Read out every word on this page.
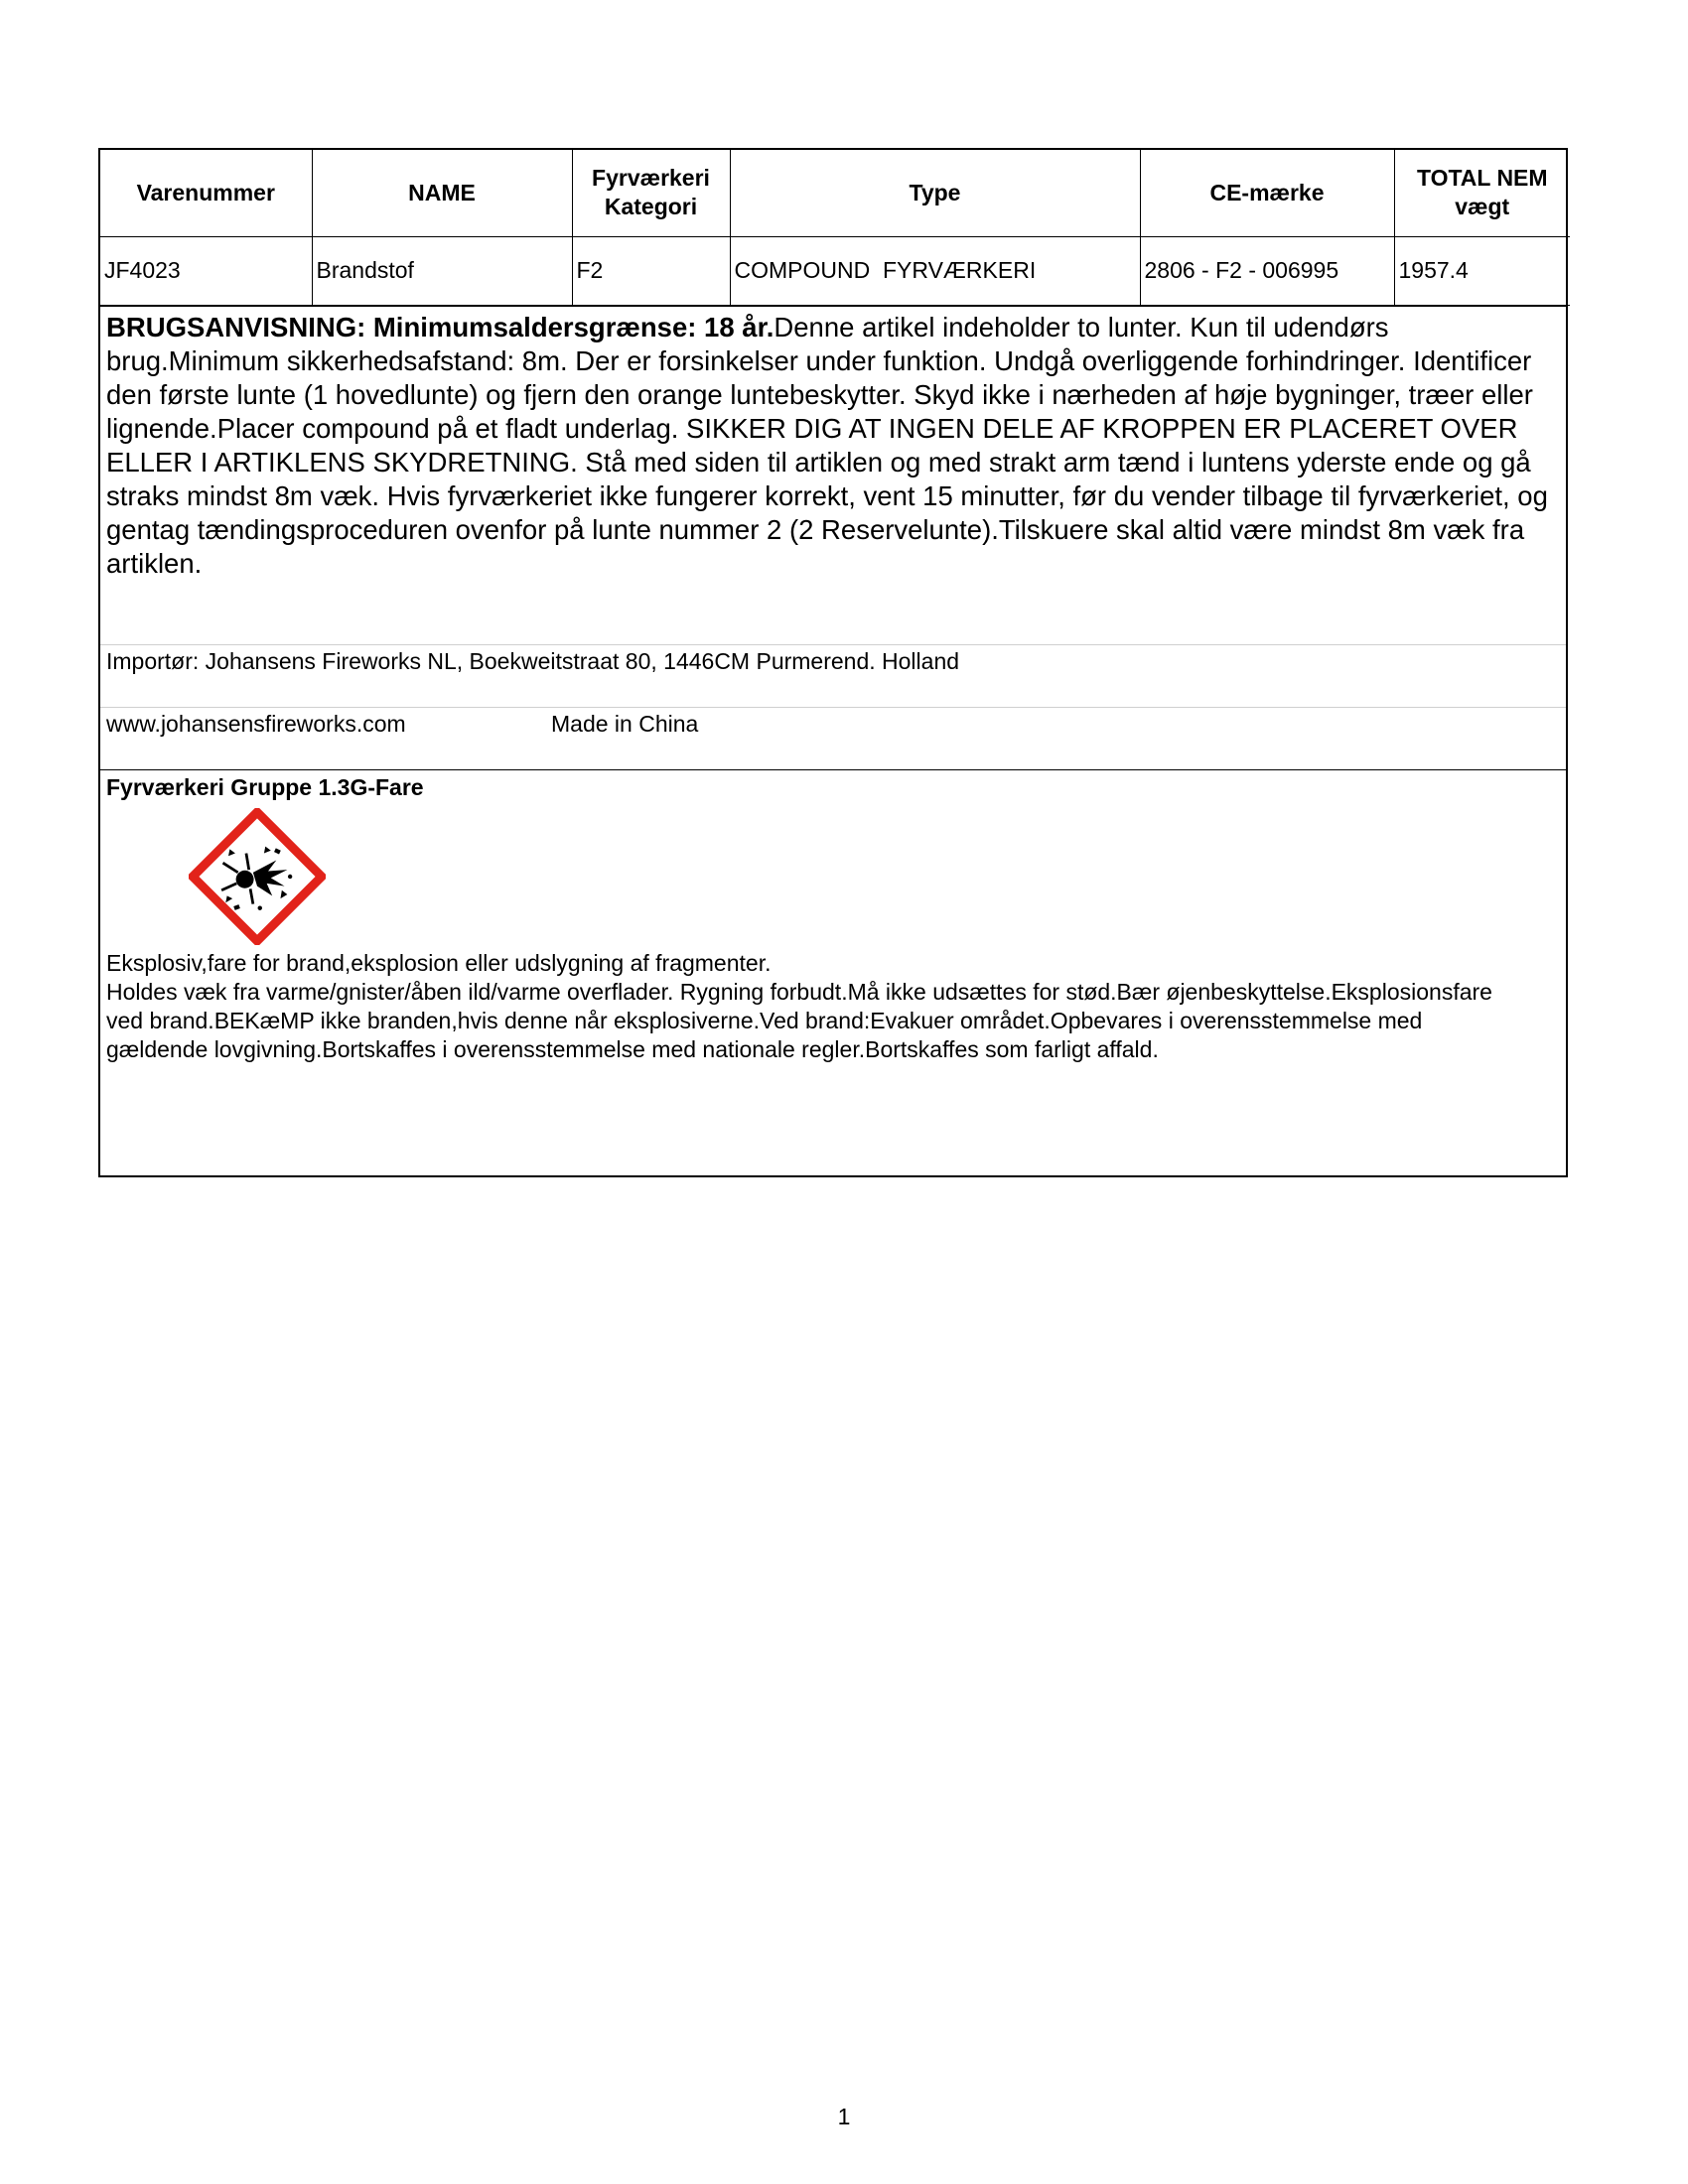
Varenummer	NAME	Fyrværkeri Kategori	Type	CE-mærke	TOTAL NEM vægt
JF4023	Brandstof	F2	COMPOUND  FYRVÆRKERI	2806 - F2 - 006995	1957.4
BRUGSANVISNING: Minimumsaldersgrænse: 18 år.Denne artikel indeholder to lunter. Kun til udendørs brug.Minimum sikkerhedsafstand: 8m. Der er forsinkelser under funktion. Undgå overliggende forhindringer. Identificer den første lunte (1 hovedlunte) og fjern den orange luntebeskytter. Skyd ikke i nærheden af høje bygninger, træer eller lignende.Placer compound på et fladt underlag. SIKKER DIG AT INGEN DELE AF KROPPEN ER PLACERET OVER ELLER I ARTIKLENS SKYDRETNING. Stå med siden til artiklen og med strakt arm tænd i luntens yderste ende og gå straks mindst 8m væk. Hvis fyrværkeriet ikke fungerer korrekt, vent 15 minutter, før du vender tilbage til fyrværkeriet, og gentag tændingsproceduren ovenfor på lunte nummer 2 (2 Reservelunte).Tilskuere skal altid være mindst 8m væk fra artiklen.
Importør: Johansens Fireworks NL, Boekweitstraat 80, 1446CM Purmerend. Holland
www.johansensfireworks.com	Made in China
Fyrværkeri Gruppe 1.3G-Fare
Eksplosiv,fare for brand,eksplosion eller udslygning af fragmenter.
Holdes væk fra varme/gnister/åben ild/varme overflader. Rygning forbudt.Må ikke udsættes for stød.Bær øjenbeskyttelse.Eksplosionsfare ved brand.BEKæMP ikke branden,hvis denne når eksplosiverne.Ved brand:Evakuer området.Opbevares i overensstemmelse med gældende lovgivning.Bortskaffes i overensstemmelse med nationale regler.Bortskaffes som farligt affald.
1
